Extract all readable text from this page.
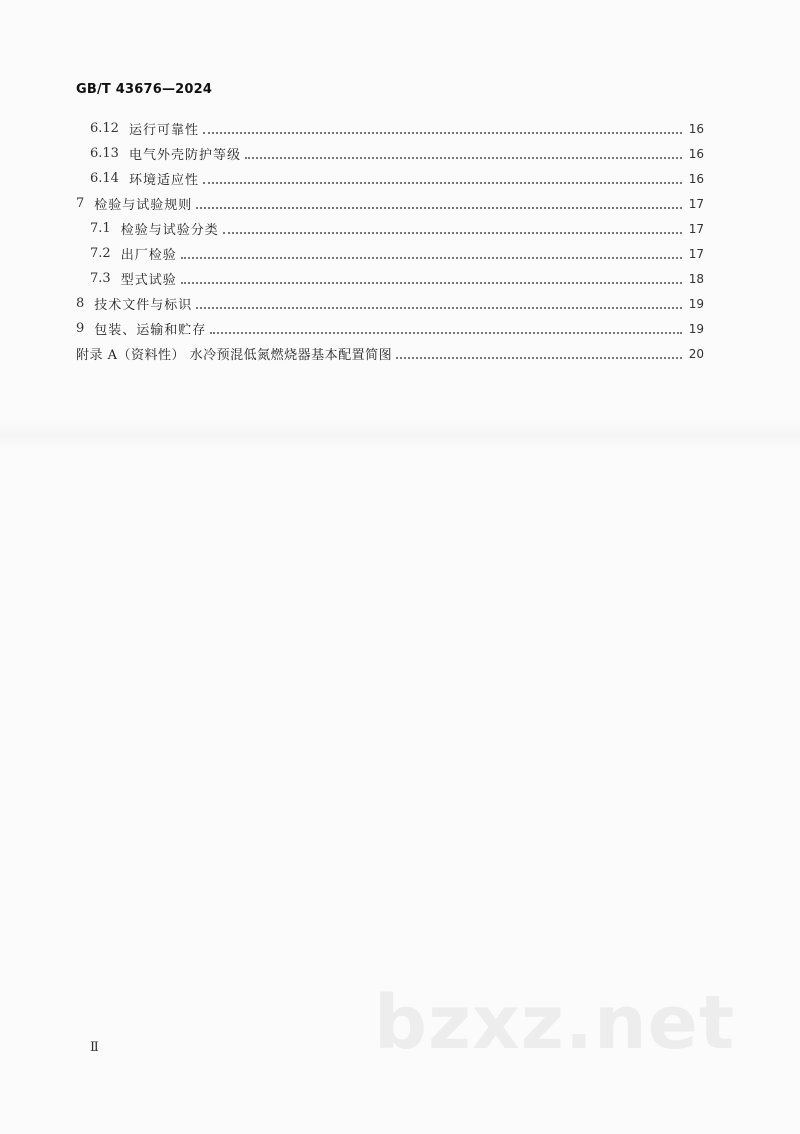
GB/T 43676—2024
6.12 运行可靠性	16
6.13 电气外壳防护等级	16
6.14 环境适应性	16
7 检验与试验规则	17
7.1 检验与试验分类	17
7.2 出厂检验	17
7.3 型式试验	18
8 技术文件与标识	19
9 包装、运输和贮存	19
附录 A（资料性） 水冷预混低氮燃烧器基本配置简图	20
bzxz.net
Ⅱ
